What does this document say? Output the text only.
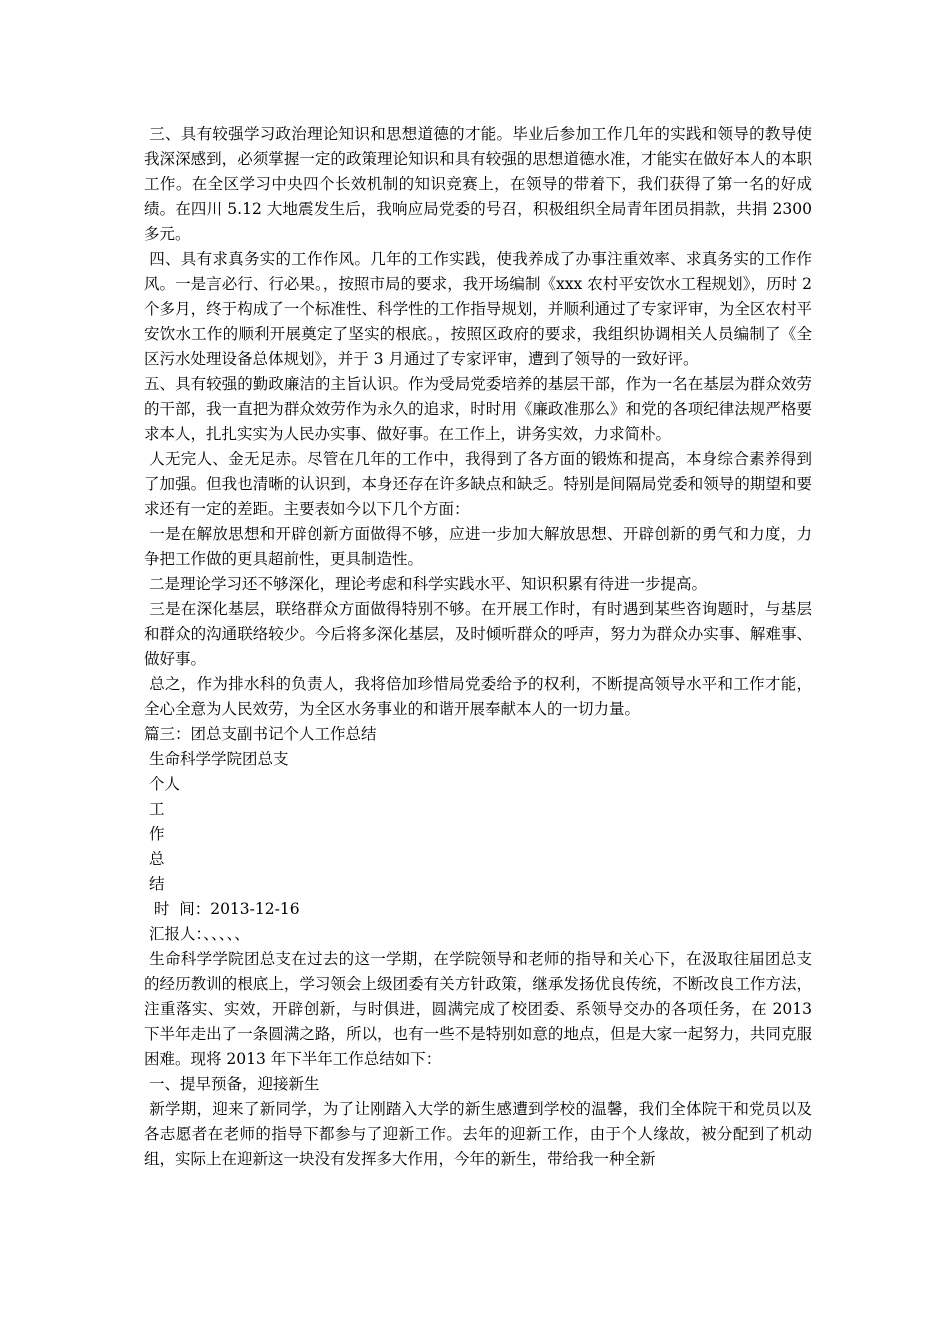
三、具有较强学习政治理论知识和思想道德的才能。毕业后参加工作几年的实践和领导的教导使我深深感到，必须掌握一定的政策理论知识和具有较强的思想道德水准，才能实在做好本人的本职工作。在全区学习中央四个长效机制的知识竞赛上，在领导的带着下，我们获得了第一名的好成绩。在四川 5.12 大地震发生后，我响应局党委的号召，积极组织全局青年团员捐款，共捐 2300 多元。

四、具有求真务实的工作作风。几年的工作实践，使我养成了办事注重效率、求真务实的工作作风。一是言必行、行必果。，按照市局的要求，我开场编制《xxx 农村平安饮水工程规划》，历时 2 个多月，终于构成了一个标准性、科学性的工作指导规划，并顺利通过了专家评审，为全区农村平安饮水工作的顺利开展奠定了坚实的根底。，按照区政府的要求，我组织协调相关人员编制了《全区污水处理设备总体规划》，并于 3 月通过了专家评审，遭到了领导的一致好评。

五、具有较强的勤政廉洁的主旨认识。作为受局党委培养的基层干部，作为一名在基层为群众效劳的干部，我一直把为群众效劳作为永久的追求，时时用《廉政准那么》和党的各项纪律法规严格要求本人，扎扎实实为人民办实事、做好事。在工作上，讲务实效，力求简朴。

人无完人、金无足赤。尽管在几年的工作中，我得到了各方面的锻炼和提高，本身综合素养得到了加强。但我也清晰的认识到，本身还存在许多缺点和缺乏。特别是间隔局党委和领导的期望和要求还有一定的差距。主要表如今以下几个方面：

一是在解放思想和开辟创新方面做得不够，应进一步加大解放思想、开辟创新的勇气和力度，力争把工作做的更具超前性，更具制造性。

二是理论学习还不够深化，理论考虑和科学实践水平、知识积累有待进一步提高。

三是在深化基层，联络群众方面做得特别不够。在开展工作时，有时遇到某些咨询题时，与基层和群众的沟通联络较少。今后将多深化基层，及时倾听群众的呼声，努力为群众办实事、解难事、做好事。

总之，作为排水科的负责人，我将倍加珍惜局党委给予的权利，不断提高领导水平和工作才能，全心全意为人民效劳，为全区水务事业的和谐开展奉献本人的一切力量。

篇三：团总支副书记个人工作总结

生命科学学院团总支

个人

工

作

总

结

时  间：2013-12-16

汇报人：、、、、、

生命科学学院团总支在过去的这一学期，在学院领导和老师的指导和关心下，在汲取往届团总支的经历教训的根底上，学习领会上级团委有关方针政策，继承发扬优良传统，不断改良工作方法，注重落实、实效，开辟创新，与时俱进，圆满完成了校团委、系领导交办的各项任务，在 2013 下半年走出了一条圆满之路，所以，也有一些不是特别如意的地点，但是大家一起努力，共同克服困难。现将 2013 年下半年工作总结如下：

一、提早预备，迎接新生

新学期，迎来了新同学，为了让刚踏入大学的新生感遭到学校的温馨，我们全体院干和党员以及各志愿者在老师的指导下都参与了迎新工作。去年的迎新工作，由于个人缘故，被分配到了机动组，实际上在迎新这一块没有发挥多大作用，今年的新生，带给我一种全新
